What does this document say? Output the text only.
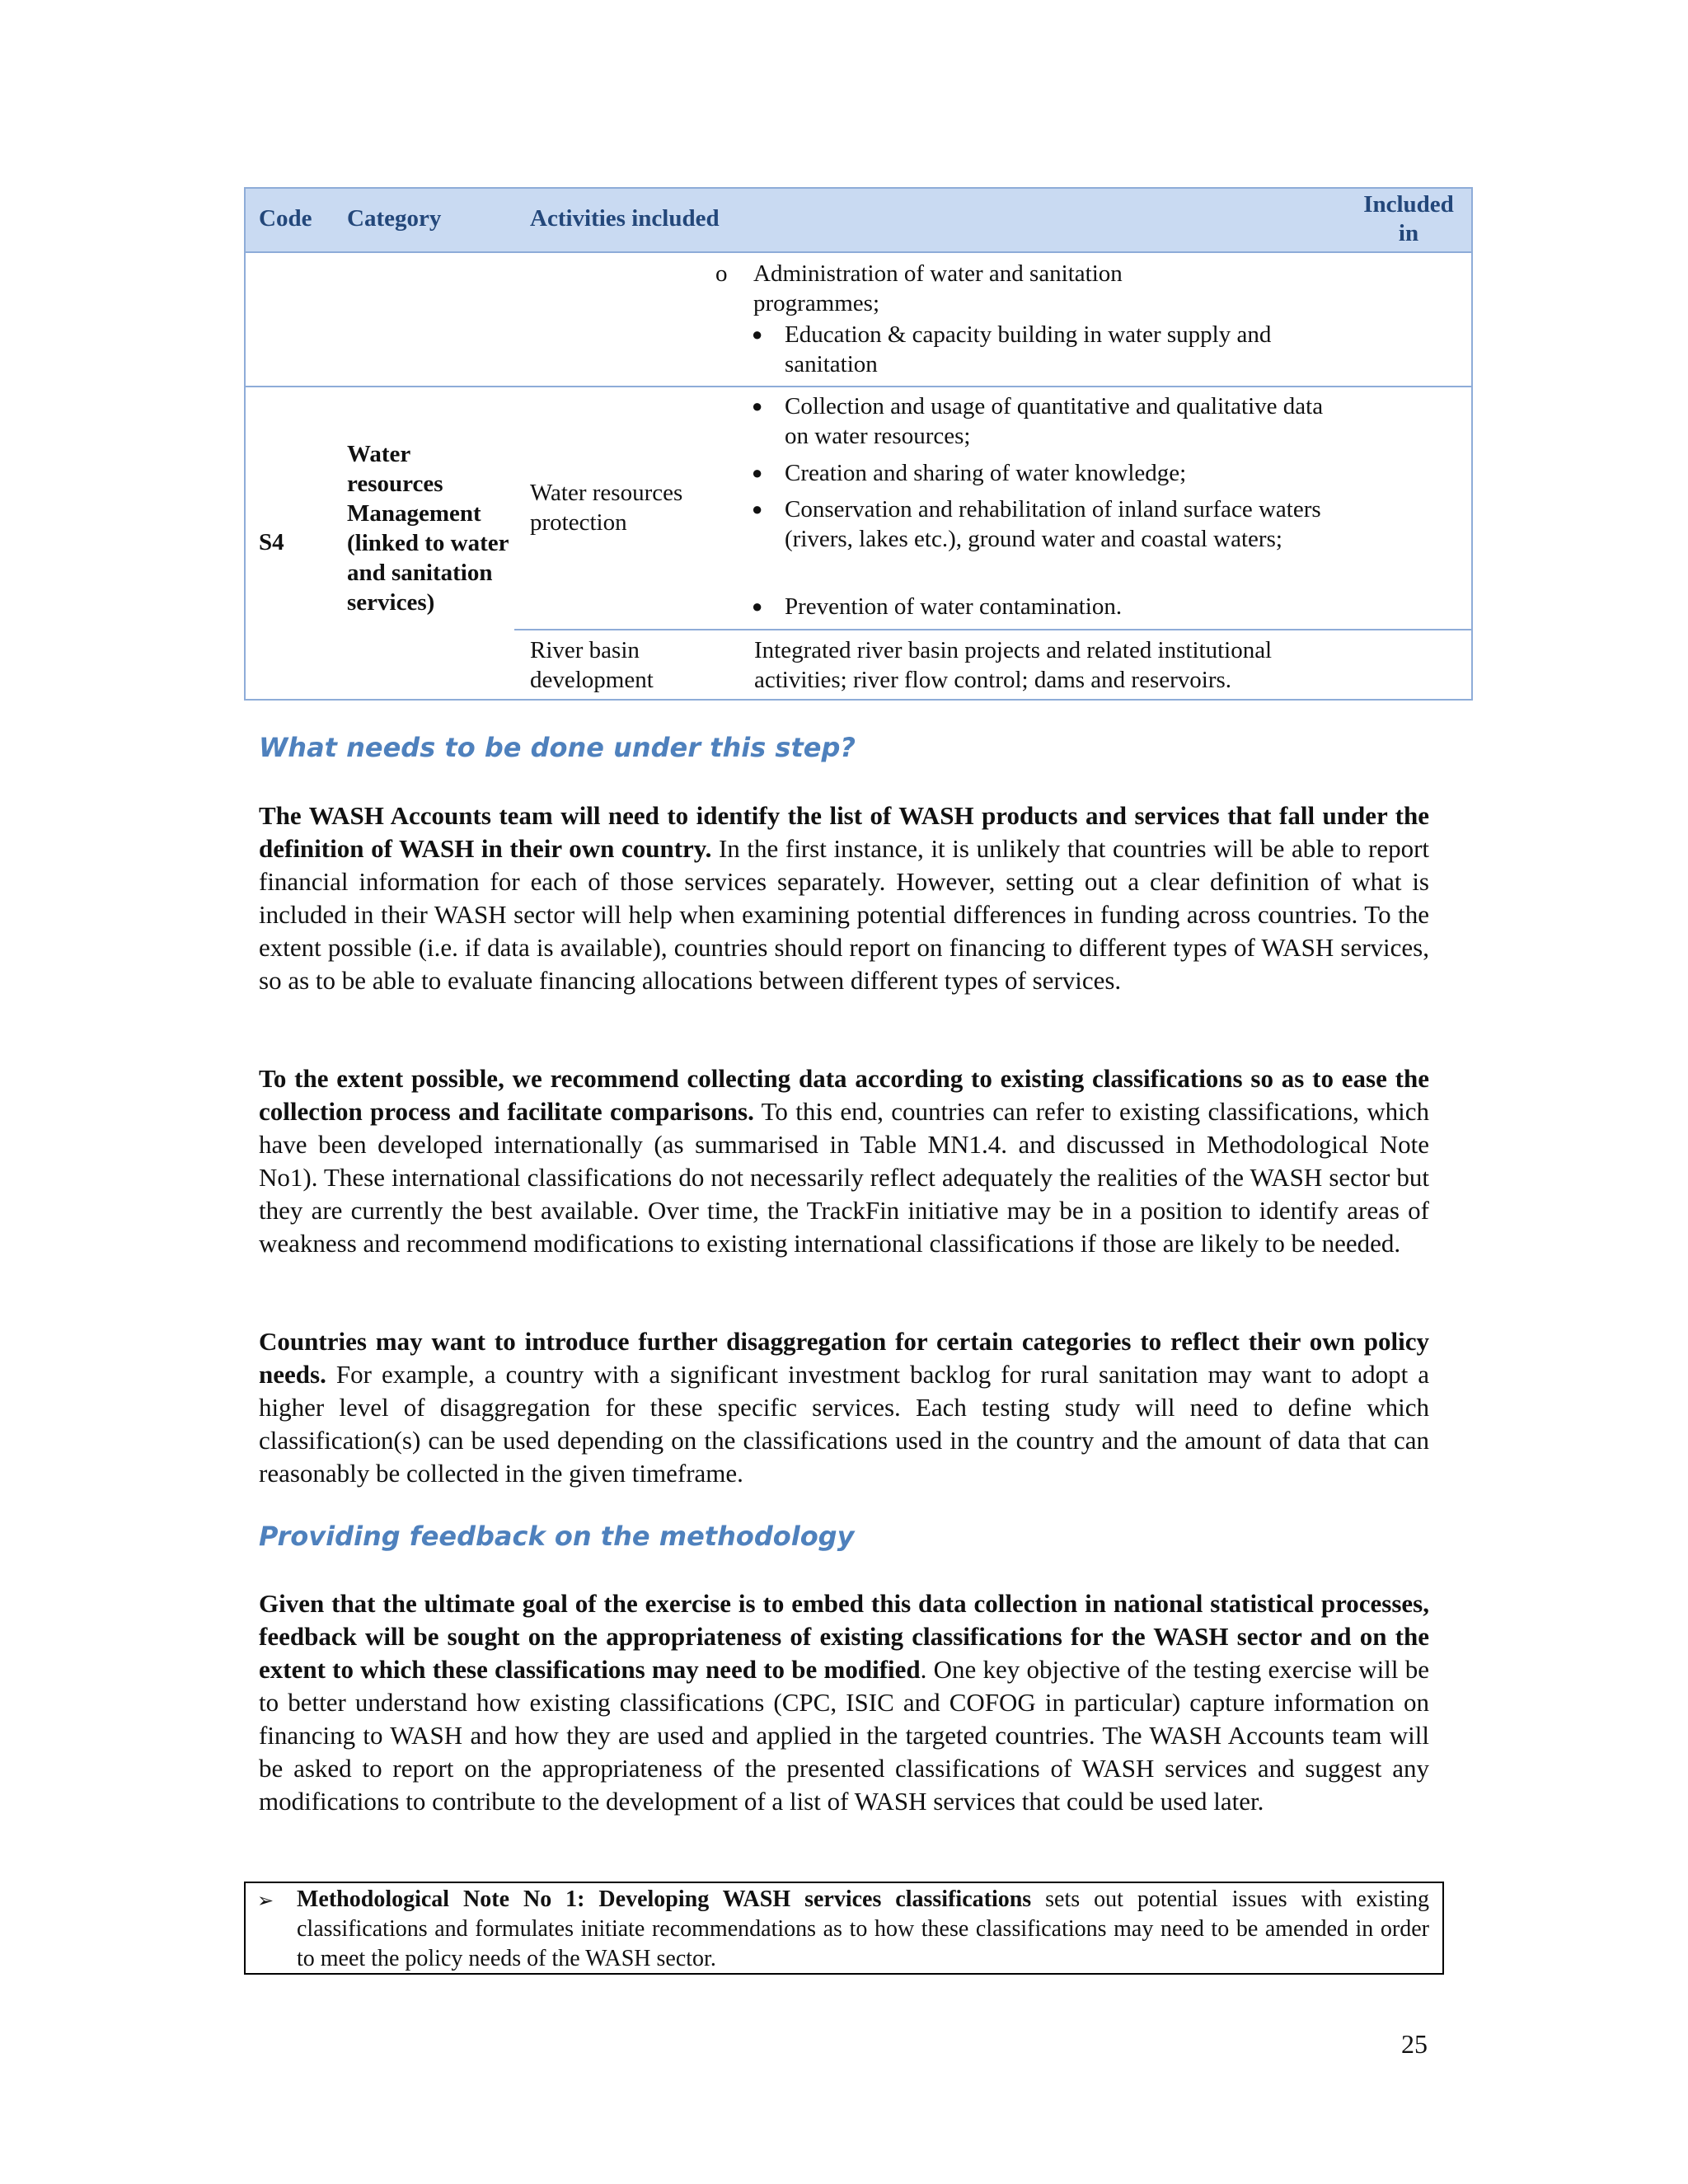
Code Category	Activities included
Included in
o Administration of water and sanitation programmes;
● Education & capacity building in water supply and sanitation
S4
Water resources Management (linked to water and sanitation services)
Water resources protection
● Collection and usage of quantitative and qualitative data on water resources;
● Creation and sharing of water knowledge;
● Conservation and rehabilitation of inland surface waters (rivers, lakes etc.), ground water and coastal waters;
● Prevention of water contamination.
River basin development
Integrated river basin projects and related institutional activities; river flow control; dams and reservoirs.
What needs to be done under this step?

The WASH Accounts team will need to identify the list of WASH products and services that fall under the definition of WASH in their own country. In the first instance, it is unlikely that countries will be able to report financial information for each of those services separately. However, setting out a clear definition of what is included in their WASH sector will help when examining potential differences in funding across countries. To the extent possible (i.e. if data is available), countries should report on financing to different types of WASH services, so as to be able to evaluate financing allocations between different types of services.

To the extent possible, we recommend collecting data according to existing classifications so as to ease the collection process and facilitate comparisons. To this end, countries can refer to existing classifications, which have been developed internationally (as summarised in Table MN1.4. and discussed in Methodological Note No1). These international classifications do not necessarily reflect adequately the realities of the WASH sector but they are currently the best available. Over time, the TrackFin initiative may be in a position to identify areas of weakness and recommend modifications to existing international classifications if those are likely to be needed.

Countries may want to introduce further disaggregation for certain categories to reflect their own policy needs. For example, a country with a significant investment backlog for rural sanitation may want to adopt a higher level of disaggregation for these specific services. Each testing study will need to define which classification(s) can be used depending on the classifications used in the country and the amount of data that can reasonably be collected in the given timeframe.

Providing feedback on the methodology

Given that the ultimate goal of the exercise is to embed this data collection in national statistical processes, feedback will be sought on the appropriateness of existing classifications for the WASH sector and on the extent to which these classifications may need to be modified. One key objective of the testing exercise will be to better understand how existing classifications (CPC, ISIC and COFOG in particular) capture information on financing to WASH and how they are used and applied in the targeted countries. The WASH Accounts team will be asked to report on the appropriateness of the presented classifications of WASH services and suggest any modifications to contribute to the development of a list of WASH services that could be used later.

➢ Methodological Note No 1: Developing WASH services classifications sets out potential issues with existing classifications and formulates initiate recommendations as to how these classifications may need to be amended in order to meet the policy needs of the WASH sector.
25
